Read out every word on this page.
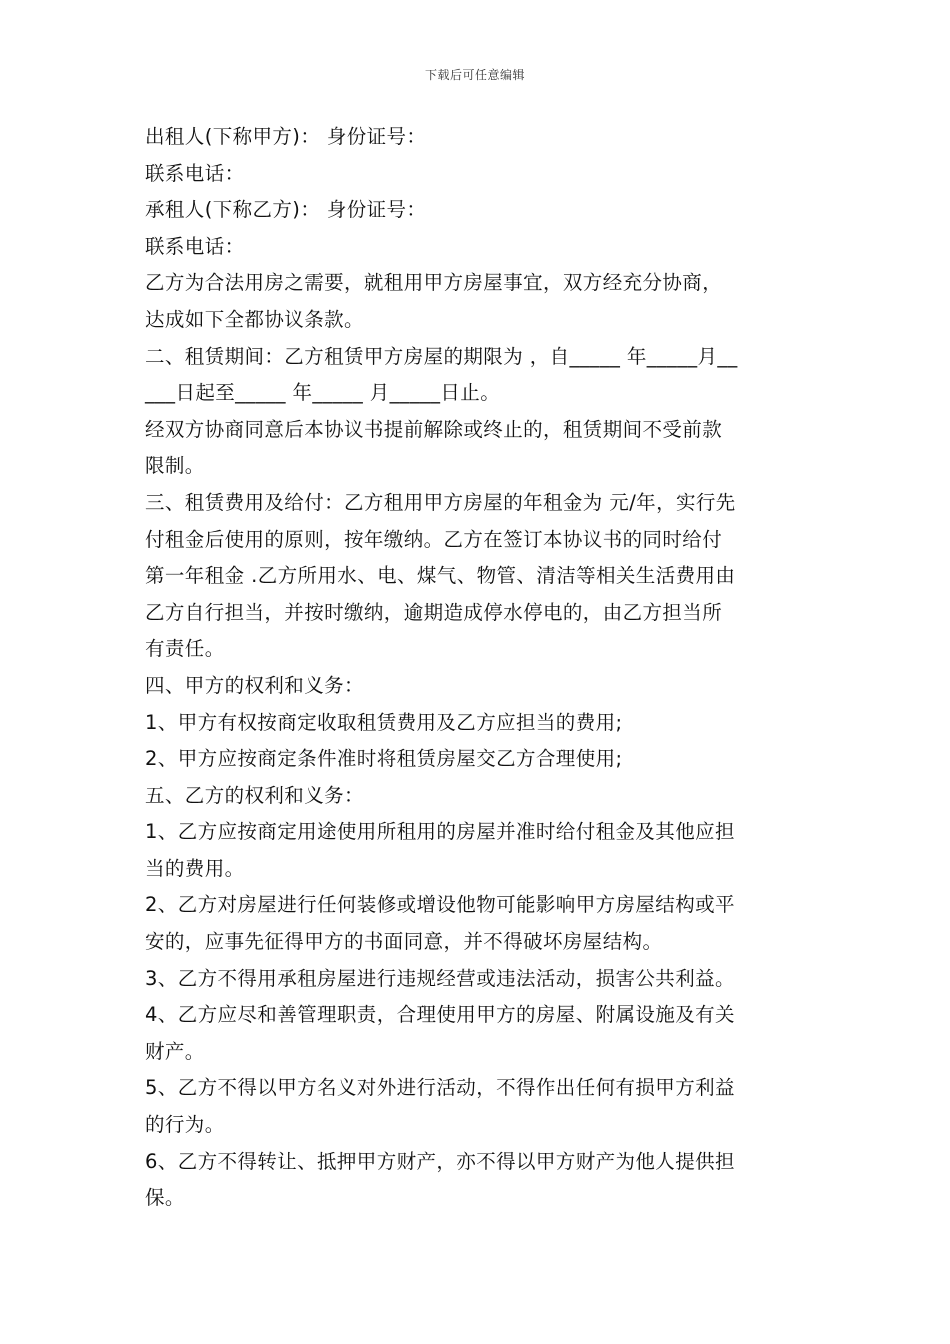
下载后可任意编辑

出租人(下称甲方)： 身份证号：

联系电话：

承租人(下称乙方)： 身份证号：

联系电话：

乙方为合法用房之需要，就租用甲方房屋事宜，双方经充分协商，

达成如下全都协议条款。

二、租赁期间：乙方租赁甲方房屋的期限为 ，自_____ 年_____月__

___日起至_____ 年_____ 月_____日止。

经双方协商同意后本协议书提前解除或终止的，租赁期间不受前款

限制。

三、租赁费用及给付：乙方租用甲方房屋的年租金为 元/年，实行先

付租金后使用的原则，按年缴纳。乙方在签订本协议书的同时给付

第一年租金 .乙方所用水、电、煤气、物管、清洁等相关生活费用由

乙方自行担当，并按时缴纳，逾期造成停水停电的，由乙方担当所

有责任。

四、甲方的权利和义务：

1、甲方有权按商定收取租赁费用及乙方应担当的费用;

2、甲方应按商定条件准时将租赁房屋交乙方合理使用;

五、乙方的权利和义务：

1、乙方应按商定用途使用所租用的房屋并准时给付租金及其他应担

当的费用。

2、乙方对房屋进行任何装修或增设他物可能影响甲方房屋结构或平

安的，应事先征得甲方的书面同意，并不得破坏房屋结构。

3、乙方不得用承租房屋进行违规经营或违法活动，损害公共利益。

4、乙方应尽和善管理职责，合理使用甲方的房屋、附属设施及有关

财产。

5、乙方不得以甲方名义对外进行活动，不得作出任何有损甲方利益

的行为。

6、乙方不得转让、抵押甲方财产，亦不得以甲方财产为他人提供担

保。
